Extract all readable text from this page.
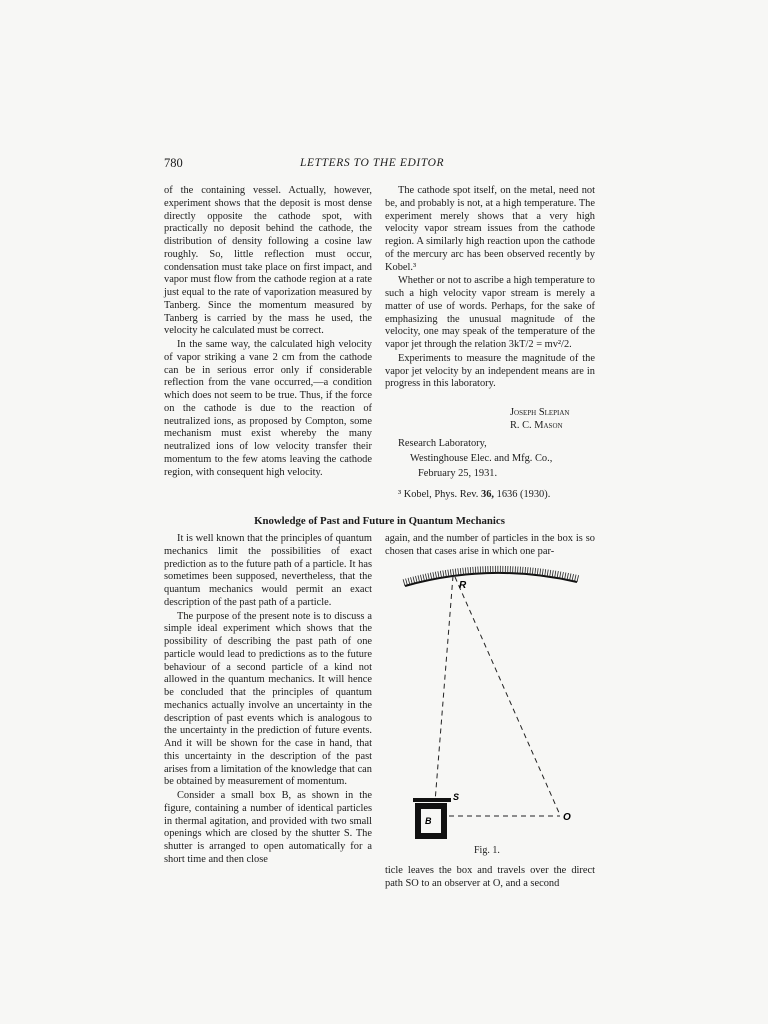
780	LETTERS TO THE EDITOR

of the containing vessel. Actually, however, experiment shows that the deposit is most dense directly opposite the cathode spot, with practically no deposit behind the cathode, the distribution of density following a cosine law roughly. So, little reflection must occur, condensation must take place on first impact, and vapor must flow from the cathode region at a rate just equal to the rate of vaporization measured by Tanberg. Since the momentum measured by Tanberg is carried by the mass he used, the velocity he calculated must be correct.

In the same way, the calculated high velocity of vapor striking a vane 2 cm from the cathode can be in serious error only if considerable reflection from the vane occurred,—a condition which does not seem to be true. Thus, if the force on the cathode is due to the reaction of neutralized ions, as proposed by Compton, some mechanism must exist whereby the many neutralized ions of low velocity transfer their momentum to the few atoms leaving the cathode region, with consequent high velocity.

The cathode spot itself, on the metal, need not be, and probably is not, at a high temperature. The experiment merely shows that a very high velocity vapor stream issues from the cathode region. A similarly high reaction upon the cathode of the mercury arc has been observed recently by Kobel.³

Whether or not to ascribe a high temperature to such a high velocity vapor stream is merely a matter of use of words. Perhaps, for the sake of emphasizing the unusual magnitude of the velocity, one may speak of the temperature of the vapor jet through the relation 3kT/2 = mv²/2.

Experiments to measure the magnitude of the vapor jet velocity by an independent means are in progress in this laboratory.

Joseph Slepian
R. C. Mason
Research Laboratory,
Westinghouse Elec. and Mfg. Co.,
February 25, 1931.
³ Kobel, Phys. Rev. 36, 1636 (1930).
Knowledge of Past and Future in Quantum Mechanics

It is well known that the principles of quantum mechanics limit the possibilities of exact prediction as to the future path of a particle. It has sometimes been supposed, nevertheless, that the quantum mechanics would permit an exact description of the past path of a particle.

The purpose of the present note is to discuss a simple ideal experiment which shows that the possibility of describing the past path of one particle would lead to predictions as to the future behaviour of a second particle of a kind not allowed in the quantum mechanics. It will hence be concluded that the principles of quantum mechanics actually involve an uncertainty in the description of past events which is analogous to the uncertainty in the prediction of future events. And it will be shown for the case in hand, that this uncertainty in the description of the past arises from a limitation of the knowledge that can be obtained by measurement of momentum.

Consider a small box B, as shown in the figure, containing a number of identical particles in thermal agitation, and provided with two small openings which are closed by the shutter S. The shutter is arranged to open automatically for a short time and then close

again, and the number of particles in the box is so chosen that cases arise in which one par-

R
S
B	O
Fig. 1.

ticle leaves the box and travels over the direct path SO to an observer at O, and a second
